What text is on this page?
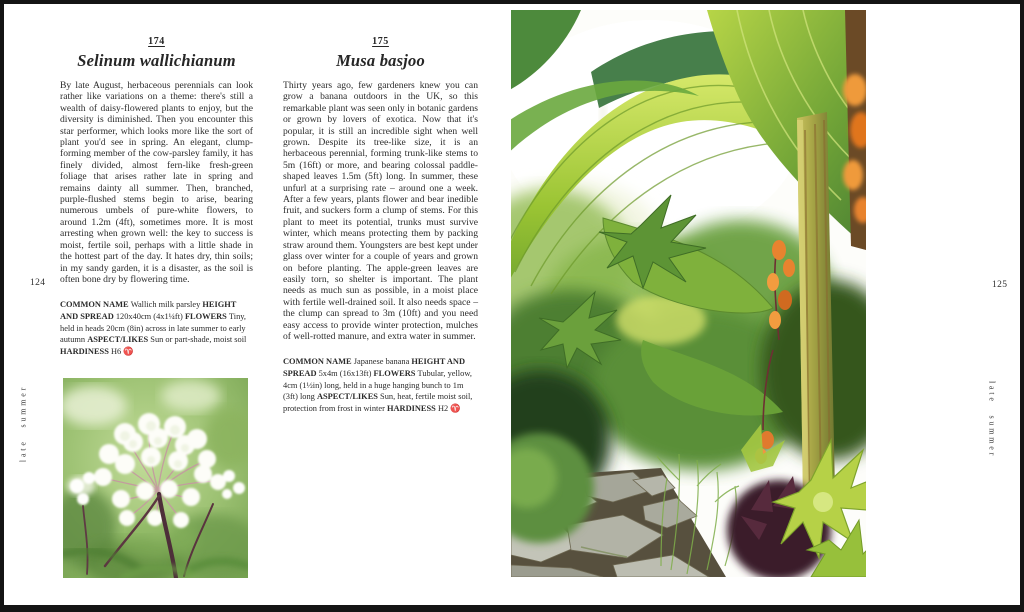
124	125
late summer	late summer
174
Selinum wallichianum

By late August, herbaceous perennials can look rather like variations on a theme: there's still a wealth of daisy-flowered plants to enjoy, but the diversity is diminished. Then you encounter this star performer, which looks more like the sort of plant you'd see in spring. An elegant, clump-forming member of the cow-parsley family, it has finely divided, almost fern-like fresh-green foliage that arises rather late in spring and remains dainty all summer. Then, branched, purple-flushed stems begin to arise, bearing numerous umbels of pure-white flowers, to around 1.2m (4ft), sometimes more. It is most arresting when grown well: the key to success is moist, fertile soil, perhaps with a little shade in the hottest part of the day. It hates dry, thin soils; in my sandy garden, it is a disaster, as the soil is often bone dry by flowering time.

COMMON NAME Wallich milk parsley HEIGHT AND SPREAD 120x40cm (4x1¼ft) FLOWERS Tiny, held in heads 20cm (8in) across in late summer to early autumn ASPECT/LIKES Sun or part-shade, moist soil HARDINESS H6 ♈

175
Musa basjoo

Thirty years ago, few gardeners knew you can grow a banana outdoors in the UK, so this remarkable plant was seen only in botanic gardens or grown by lovers of exotica. Now that it's popular, it is still an incredible sight when well grown. Despite its tree-like size, it is an herbaceous perennial, forming trunk-like stems to 5m (16ft) or more, and bearing colossal paddle-shaped leaves 1.5m (5ft) long. In summer, these unfurl at a surprising rate – around one a week. After a few years, plants flower and bear inedible fruit, and suckers form a clump of stems. For this plant to meet its potential, trunks must survive winter, which means protecting them by packing straw around them. Youngsters are best kept under glass over winter for a couple of years and grown on before planting. The apple-green leaves are easily torn, so shelter is important. The plant needs as much sun as possible, in a moist place with fertile well-drained soil. It also needs space – the clump can spread to 3m (10ft) and you need easy access to provide winter protection, mulches of well-rotted manure, and extra water in summer.

COMMON NAME Japanese banana HEIGHT AND SPREAD 5x4m (16x13ft) FLOWERS Tubular, yellow, 4cm (1½in) long, held in a huge hanging bunch to 1m (3ft) long ASPECT/LIKES Sun, heat, fertile moist soil, protection from frost in winter HARDINESS H2 ♈
